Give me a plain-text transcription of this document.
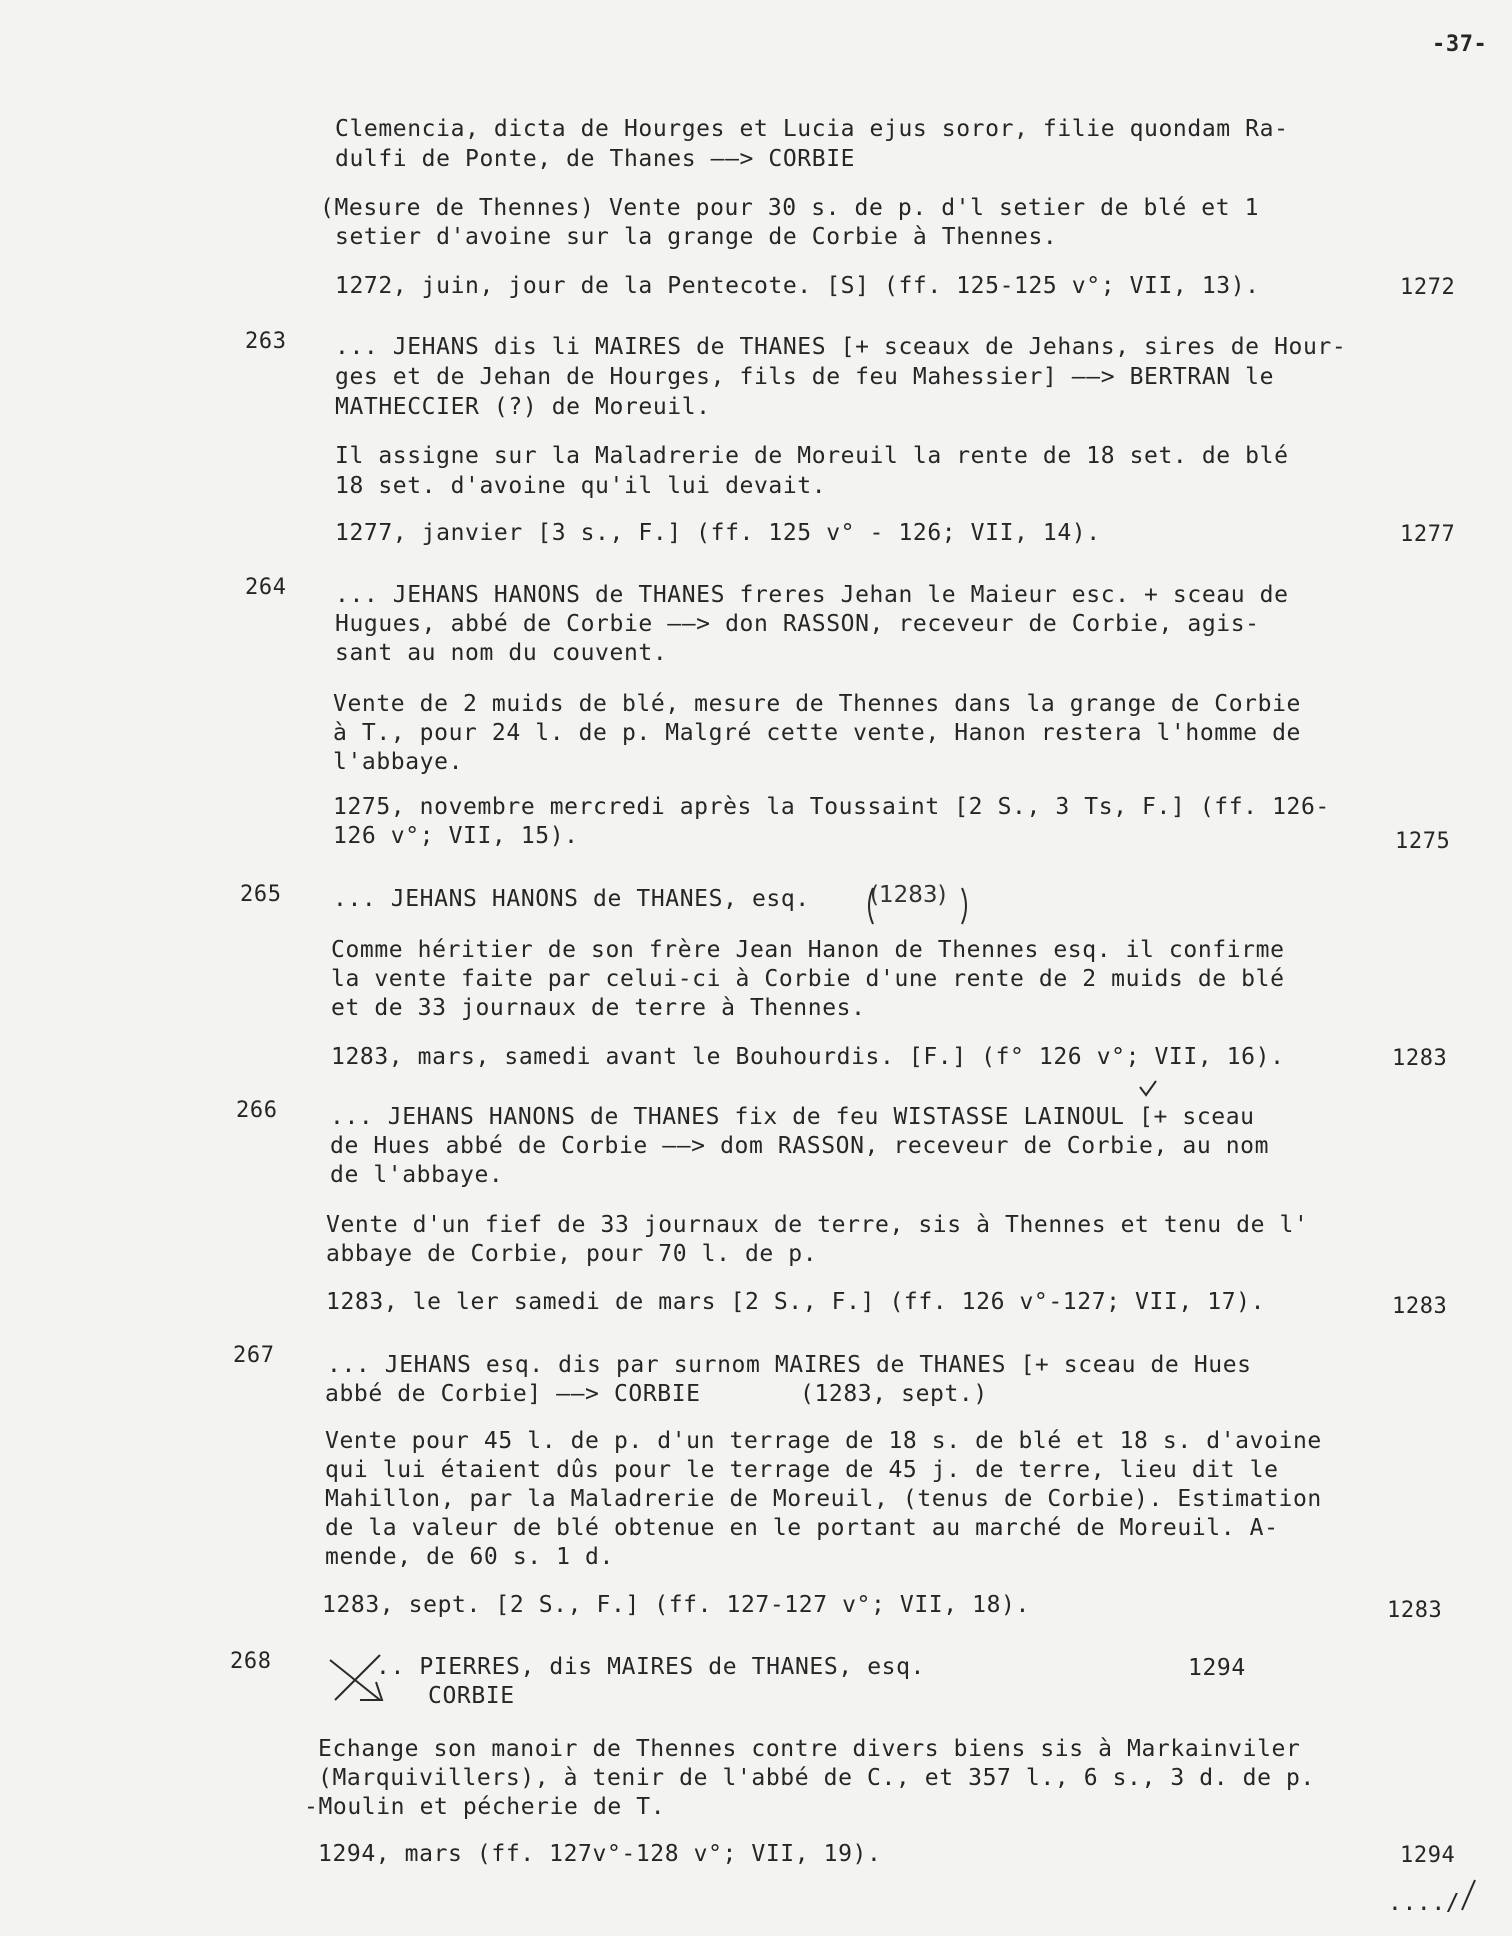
-37-
Clemencia, dicta de Hourges et Lucia ejus soror, filie quondam Ra-
dulfi de Ponte, de Thanes ——> CORBIE
(Mesure de Thennes) Vente pour 30 s. de p. d'l setier de blé et 1
setier d'avoine sur la grange de Corbie à Thennes.
1272, juin, jour de la Pentecote. [S] (ff. 125-125 v°; VII, 13).	1272
263 ... JEHANS dis li MAIRES de THANES [+ sceaux de Jehans, sires de Hour-
ges et de Jehan de Hourges, fils de feu Mahessier] ——> BERTRAN le
MATHECCIER (?) de Moreuil.
Il assigne sur la Maladrerie de Moreuil la rente de 18 set. de blé
18 set. d'avoine qu'il lui devait.
1277, janvier [3 s., F.] (ff. 125 v° - 126; VII, 14).	1277
264 ... JEHANS HANONS de THANES freres Jehan le Maieur esc. + sceau de
Hugues, abbé de Corbie ——> don RASSON, receveur de Corbie, agis-
sant au nom du couvent.
Vente de 2 muids de blé, mesure de Thennes dans la grange de Corbie
à T., pour 24 l. de p. Malgré cette vente, Hanon restera l'homme de
l'abbaye.
1275, novembre mercredi après la Toussaint [2 S., 3 Ts, F.] (ff. 126-
126 v°; VII, 15).	1275
265 ... JEHANS HANONS de THANES, esq.	(1283)
Comme héritier de son frère Jean Hanon de Thennes esq. il confirme
la vente faite par celui-ci à Corbie d'une rente de 2 muids de blé
et de 33 journaux de terre à Thennes.
1283, mars, samedi avant le Bouhourdis. [F.] (f° 126 v°; VII, 16).	1283
266 ... JEHANS HANONS de THANES fix de feu WISTASSE LAINOUL [+ sceau
de Hues abbé de Corbie ——> dom RASSON, receveur de Corbie, au nom
de l'abbaye.
Vente d'un fief de 33 journaux de terre, sis à Thennes et tenu de l'
abbaye de Corbie, pour 70 l. de p.
1283, le ler samedi de mars [2 S., F.] (ff. 126 v°-127; VII, 17).	1283
267 ... JEHANS esq. dis par surnom MAIRES de THANES [+ sceau de Hues
abbé de Corbie] ——> CORBIE	(1283, sept.)
Vente pour 45 l. de p. d'un terrage de 18 s. de blé et 18 s. d'avoine
qui lui étaient dûs pour le terrage de 45 j. de terre, lieu dit le
Mahillon, par la Maladrerie de Moreuil, (tenus de Corbie). Estimation
de la valeur de blé obtenue en le portant au marché de Moreuil. A-
mende, de 60 s. 1 d.
1283, sept. [2 S., F.] (ff. 127-127 v°; VII, 18).	1283
268	.. PIERRES, dis MAIRES de THANES, esq.
CORBIE
1294
Echange son manoir de Thennes contre divers biens sis à Markainviler
(Marquivillers), à tenir de l'abbé de C., et 357 l., 6 s., 3 d. de p.
-Moulin et pécherie de T.
1294, mars (ff. 127v°-128 v°; VII, 19).	1294
..../
